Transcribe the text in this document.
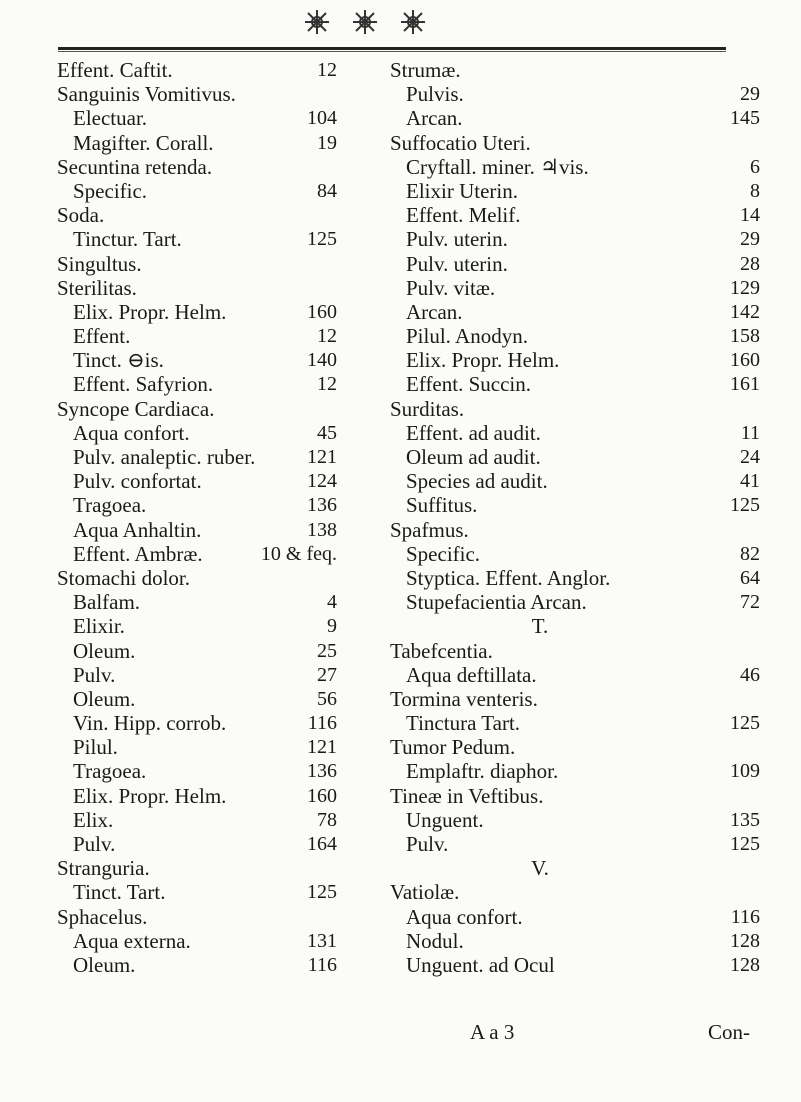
Effent. Caftit.	12
Sanguinis Vomitivus.
Electuar.	104
Magifter. Corall.	19
Secuntina retenda.
Specific.	84
Soda.
Tinctur. Tart.	125
Singultus.
Sterilitas.
Elix. Propr. Helm.	160
Effent.	12
Tinct. ⊖is.	140
Effent. Safyrion.	12
Syncope Cardiaca.
Aqua confort.	45
Pulv. analeptic. ruber.	121
Pulv. confortat.	124
Tragoea.	136
Aqua Anhaltin.	138
Effent. Ambræ.	10 & feq.
Stomachi dolor.
Balfam.	4
Elixir.	9
Oleum.	25
Pulv.	27
Oleum.	56
Vin. Hipp. corrob.	116
Pilul.	121
Tragoea.	136
Elix. Propr. Helm.	160
Elix.	78
Pulv.	164
Stranguria.
Tinct. Tart.	125
Sphacelus.
Aqua externa.	131
Oleum.	116
Strumæ.
Pulvis.	29
Arcan.	145
Suffocatio Uteri.
Cryftall. miner. ♃vis.	6
Elixir Uterin.	8
Effent. Melif.	14
Pulv. uterin.	29
Pulv. uterin.	28
Pulv. vitæ.	129
Arcan.	142
Pilul. Anodyn.	158
Elix. Propr. Helm.	160
Effent. Succin.	161
Surditas.
Effent. ad audit.	11
Oleum ad audit.	24
Species ad audit.	41
Suffitus.	125
Spafmus.
Specific.	82
Styptica. Effent. Anglor.	64
Stupefacientia Arcan.	72
T.
Tabefcentia.
Aqua deftillata.	46
Tormina venteris.
Tinctura Tart.	125
Tumor Pedum.
Emplaftr. diaphor.	109
Tineæ in Veftibus.
Unguent.	135
Pulv.	125
V.
Vatiolæ.
Aqua confort.	116
Nodul.	128
Unguent. ad Ocul	128
A a 3	Con-
